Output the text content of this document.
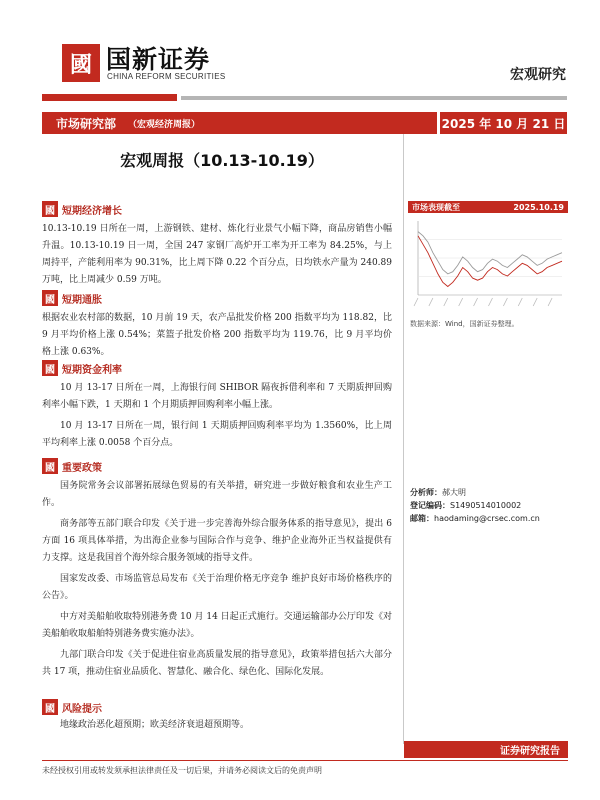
國 国新证券
CHINA REFORM SECURITIES	宏观研究
市场研究部 （宏观经济周报）	2025 年 10 月 21 日
宏观周报（10.13-10.19）
國 短期经济增长
10.13-10.19 日所在一周，上游钢铁、建材、炼化行业景气小幅下降，商品房销售小幅升温。10.13-10.19 日一周，全国 247 家钢厂高炉开工率为开工率为 84.25%，与上周持平，产能利用率为 90.31%，比上周下降 0.22 个百分点，日均铁水产量为 240.89 万吨，比上周减少 0.59 万吨。
國 短期通胀
根据农业农村部的数据，10 月前 19 天，农产品批发价格 200 指数平均为 118.82，比 9 月平均价格上涨 0.54%；菜篮子批发价格 200 指数平均为 119.76，比 9 月平均价格上涨 0.63%。
國 短期资金利率
10 月 13-17 日所在一周，上海银行间 SHIBOR 隔夜拆借利率和 7 天期质押回购利率小幅下跌，1 天期和 1 个月期质押回购利率小幅上涨。
10 月 13-17 日所在一周，银行间 1 天期质押回购利率平均为 1.3560%，比上周平均利率上涨 0.0058 个百分点。
國 重要政策
国务院常务会议部署拓展绿色贸易的有关举措，研究进一步做好粮食和农业生产工作。
商务部等五部门联合印发《关于进一步完善海外综合服务体系的指导意见》，提出 6 方面 16 项具体举措，为出海企业参与国际合作与竞争、维护企业海外正当权益提供有力支撑。这是我国首个海外综合服务领域的指导文件。
国家发改委、市场监管总局发布《关于治理价格无序竞争 维护良好市场价格秩序的公告》。
中方对美船舶收取特别港务费 10 月 14 日起正式施行。交通运输部办公厅印发《对美船舶收取船舶特别港务费实施办法》。
九部门联合印发《关于促进住宿业高质量发展的指导意见》，政策举措包括六大部分共 17 项，推动住宿业品质化、智慧化、融合化、绿色化、国际化发展。
國 风险提示
地缘政治恶化超预期；欧美经济衰退超预期等。
市场表现截至	2025.10.19
数据来源：Wind，国新证券整理。
分析师：郝大明
登记编码：S1490514010002
邮箱：haodaming@crsec.com.cn
证券研究报告
未经授权引用或转发须承担法律责任及一切后果，并请务必阅读文后的免责声明
